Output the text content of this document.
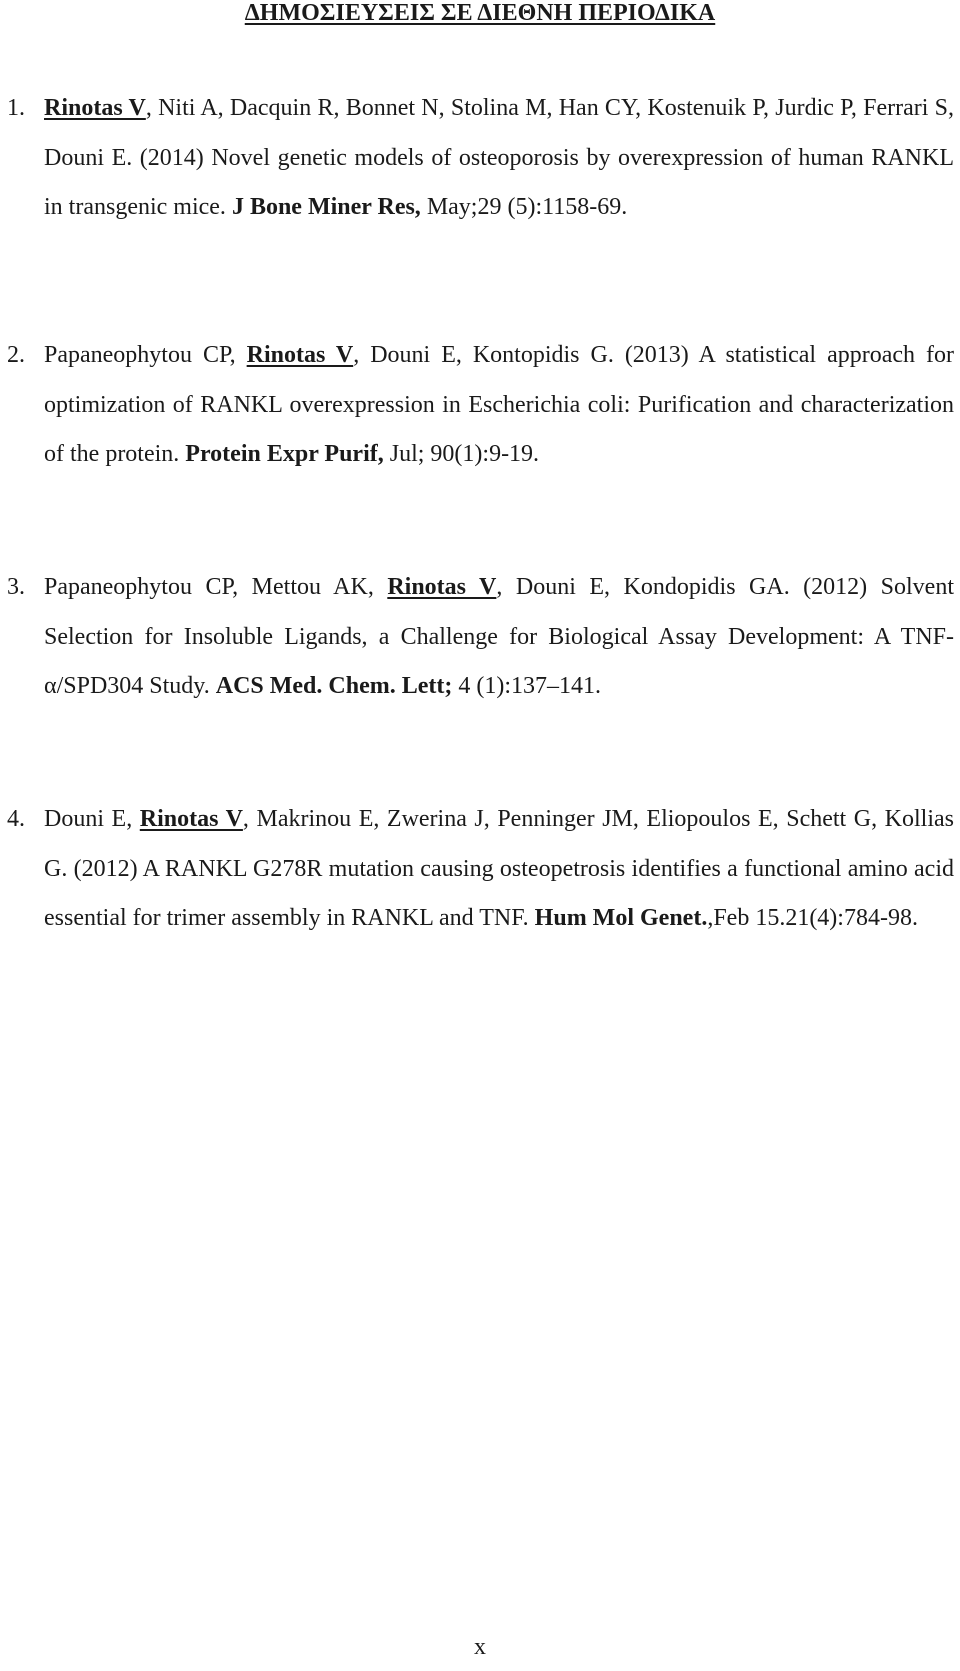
ΔΗΜΟΣΙΕΥΣΕΙΣ ΣΕ ΔΙΕΘΝΗ ΠΕΡΙΟΔΙΚΑ
1. Rinotas V, Niti A, Dacquin R, Bonnet N, Stolina M, Han CY, Kostenuik P, Jurdic P, Ferrari S, Douni E. (2014) Novel genetic models of osteoporosis by overexpression of human RANKL in transgenic mice. J Bone Miner Res, May;29 (5):1158-69.
2. Papaneophytou CP, Rinotas V, Douni E, Kontopidis G. (2013) A statistical approach for optimization of RANKL overexpression in Escherichia coli: Purification and characterization of the protein. Protein Expr Purif, Jul; 90(1):9-19.
3. Papaneophytou CP, Mettou AK, Rinotas V, Douni E, Kondopidis GA. (2012) Solvent Selection for Insoluble Ligands, a Challenge for Biological Assay Development: A TNF-α/SPD304 Study. ACS Med. Chem. Lett; 4 (1):137–141.
4. Douni E, Rinotas V, Makrinou E, Zwerina J, Penninger JM, Eliopoulos E, Schett G, Kollias G. (2012) A RANKL G278R mutation causing osteopetrosis identifies a functional amino acid essential for trimer assembly in RANKL and TNF. Hum Mol Genet.,Feb 15.21(4):784-98.
x
